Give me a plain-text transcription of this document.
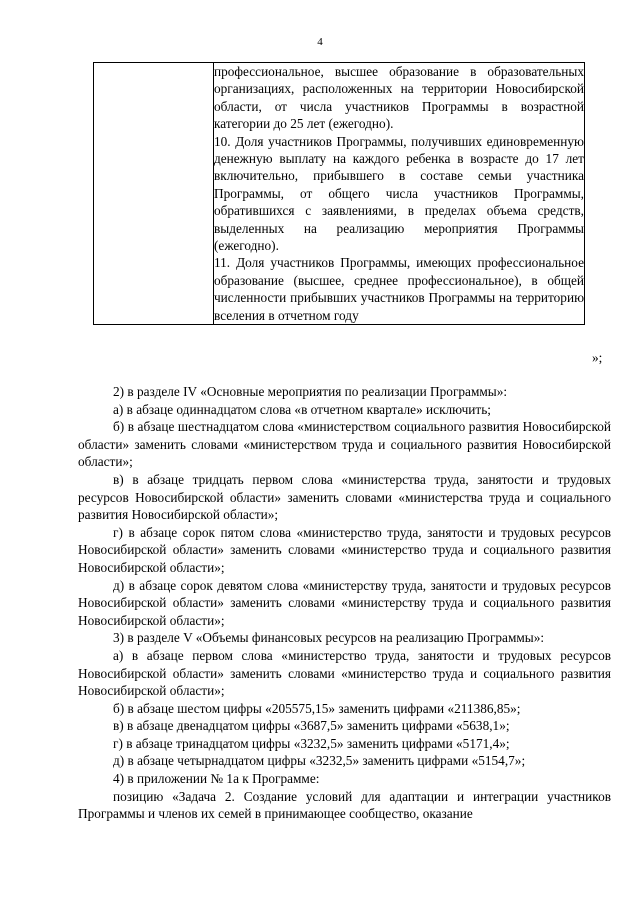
4

профессиональное, высшее образование в образовательных организациях, расположенных на территории Новосибирской области, от числа участников Программы в возрастной категории до 25 лет (ежегодно).

10. Доля участников Программы, получивших единовременную денежную выплату на каждого ребенка в возрасте до 17 лет включительно, прибывшего в составе семьи участника Программы, от общего числа участников Программы, обратившихся с заявлениями, в пределах объема средств, выделенных на реализацию мероприятия Программы (ежегодно).

11. Доля участников Программы, имеющих профессиональное образование (высшее, среднее профессиональное), в общей численности прибывших участников Программы на территорию вселения в отчетном году

»;

2) в разделе IV «Основные мероприятия по реализации Программы»:

а) в абзаце одиннадцатом слова «в отчетном квартале» исключить;

б) в абзаце шестнадцатом слова «министерством социального развития Новосибирской области» заменить словами «министерством труда и социального развития Новосибирской области»;

в) в абзаце тридцать первом слова «министерства труда, занятости и трудовых ресурсов Новосибирской области» заменить словами «министерства труда и социального развития Новосибирской области»;

г) в абзаце сорок пятом слова «министерство труда, занятости и трудовых ресурсов Новосибирской области» заменить словами «министерство труда и социального развития Новосибирской области»;

д) в абзаце сорок девятом слова «министерству труда, занятости и трудовых ресурсов Новосибирской области» заменить словами «министерству труда и социального развития Новосибирской области»;

3) в разделе V «Объемы финансовых ресурсов на реализацию Программы»:

а) в абзаце первом слова «министерство труда, занятости и трудовых ресурсов Новосибирской области» заменить словами «министерство труда и социального развития Новосибирской области»;

б) в абзаце шестом цифры «205575,15» заменить цифрами «211386,85»;

в) в абзаце двенадцатом цифры «3687,5» заменить цифрами «5638,1»;

г) в абзаце тринадцатом цифры «3232,5» заменить цифрами «5171,4»;

д) в абзаце четырнадцатом цифры «3232,5» заменить цифрами «5154,7»;

4) в приложении № 1а к Программе:

позицию «Задача 2. Создание условий для адаптации и интеграции участников Программы и членов их семей в принимающее сообщество, оказание
